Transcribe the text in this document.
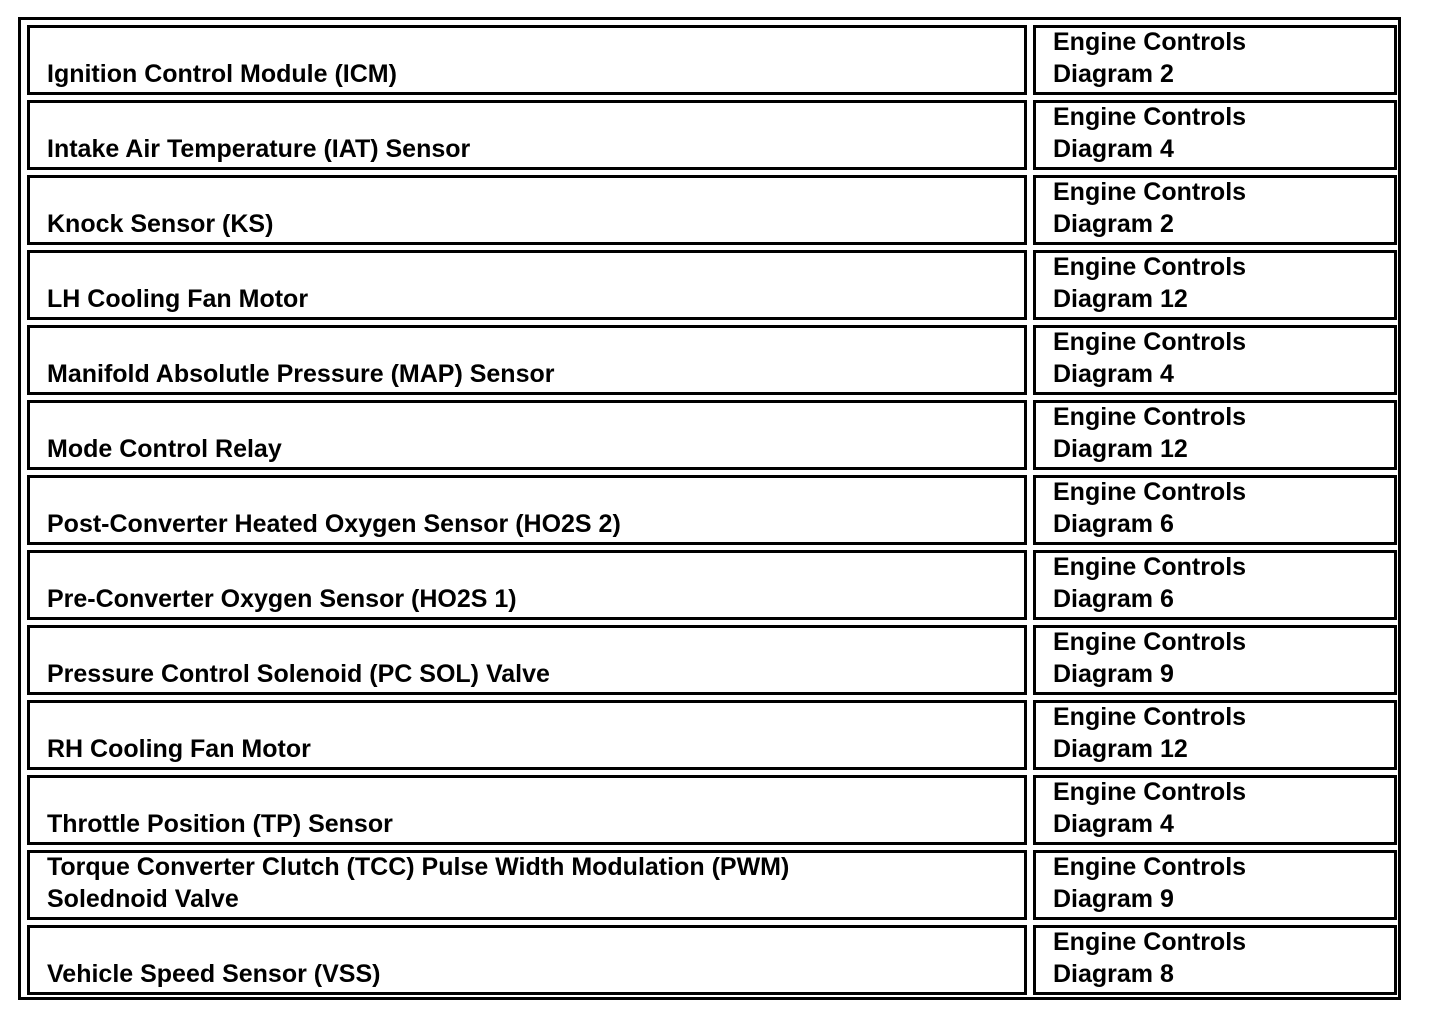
Ignition Control Module (ICM)
Engine Controls
Diagram 2
Intake Air Temperature (IAT) Sensor
Engine Controls
Diagram 4
Knock Sensor (KS)
Engine Controls
Diagram 2
LH Cooling Fan Motor
Engine Controls
Diagram 12
Manifold Absolutle Pressure (MAP) Sensor
Engine Controls
Diagram 4
Mode Control Relay
Engine Controls
Diagram 12
Post-Converter Heated Oxygen Sensor (HO2S 2)
Engine Controls
Diagram 6
Pre-Converter Oxygen Sensor (HO2S 1)
Engine Controls
Diagram 6
Pressure Control Solenoid (PC SOL) Valve
Engine Controls
Diagram 9
RH Cooling Fan Motor
Engine Controls
Diagram 12
Throttle Position (TP) Sensor
Engine Controls
Diagram 4
Torque Converter Clutch (TCC) Pulse Width Modulation (PWM)
Solednoid Valve
Engine Controls
Diagram 9
Vehicle Speed Sensor (VSS)
Engine Controls
Diagram 8
